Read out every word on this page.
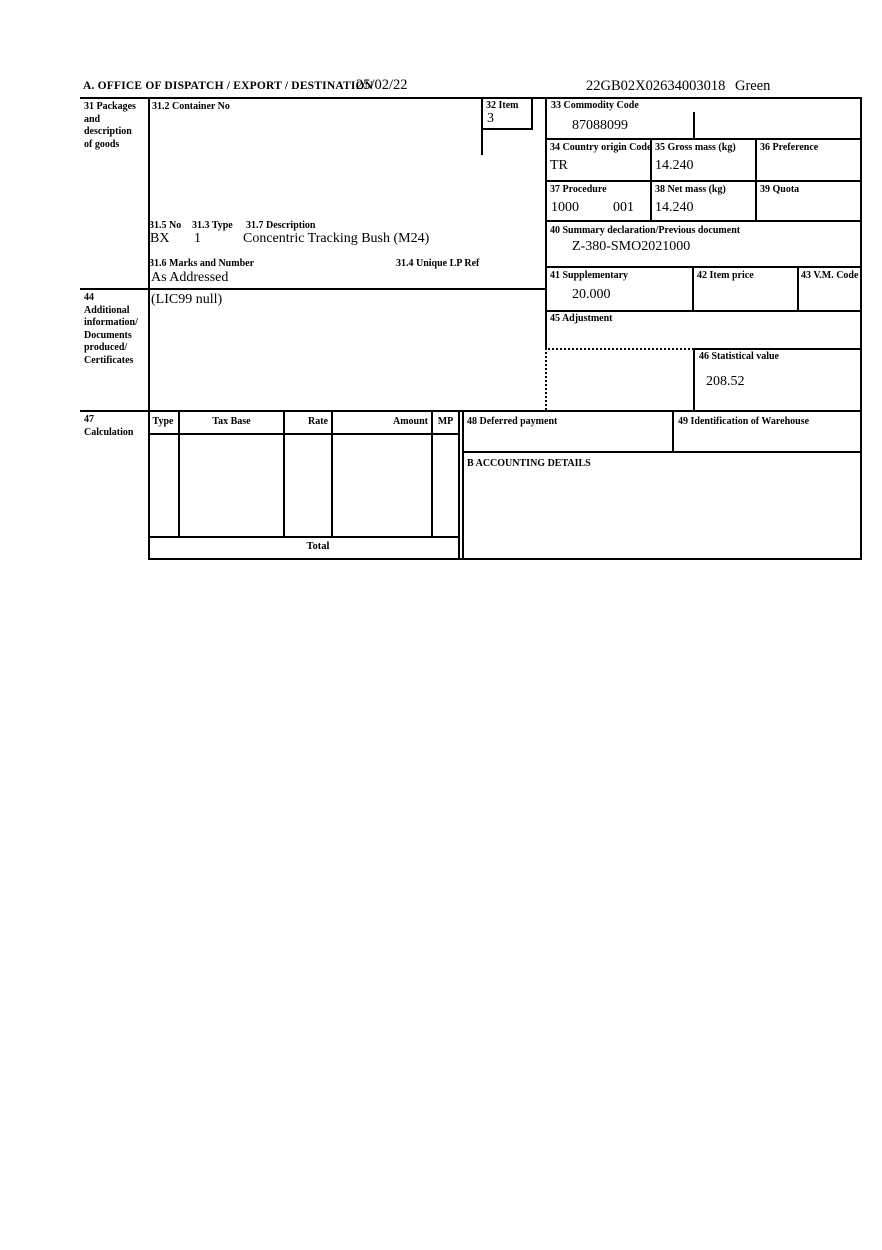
A. OFFICE OF DISPATCH / EXPORT / DESTINATION
25/02/22	22GB02X02634003018 Green
31 Packages
and
description
of goods
31.2 Container No	32 Item
3
33 Commodity Code
87088099
34 Country origin Code
TR
35 Gross mass (kg)
14.240
36 Preference
37 Procedure
1000 001
38 Net mass (kg)
14.240
39 Quota
31.5 No 31.3 Type 31.7 Description
BX 1	Concentric Tracking Bush (M24)
31.6 Marks and Number	31.4 Unique LP Ref
As Addressed
40 Summary declaration/Previous document
Z-380-SMO2021000
41 Supplementary
20.000
42 Item price	43 V.M. Code
44
Additional
information/
Documents
produced/
Certificates
(LIC99 null)
45 Adjustment
46 Statistical value
208.52
47
Calculation
Type	Tax Base	Rate	Amount MP
Total
48 Deferred payment	49 Identification of Warehouse
B ACCOUNTING DETAILS
